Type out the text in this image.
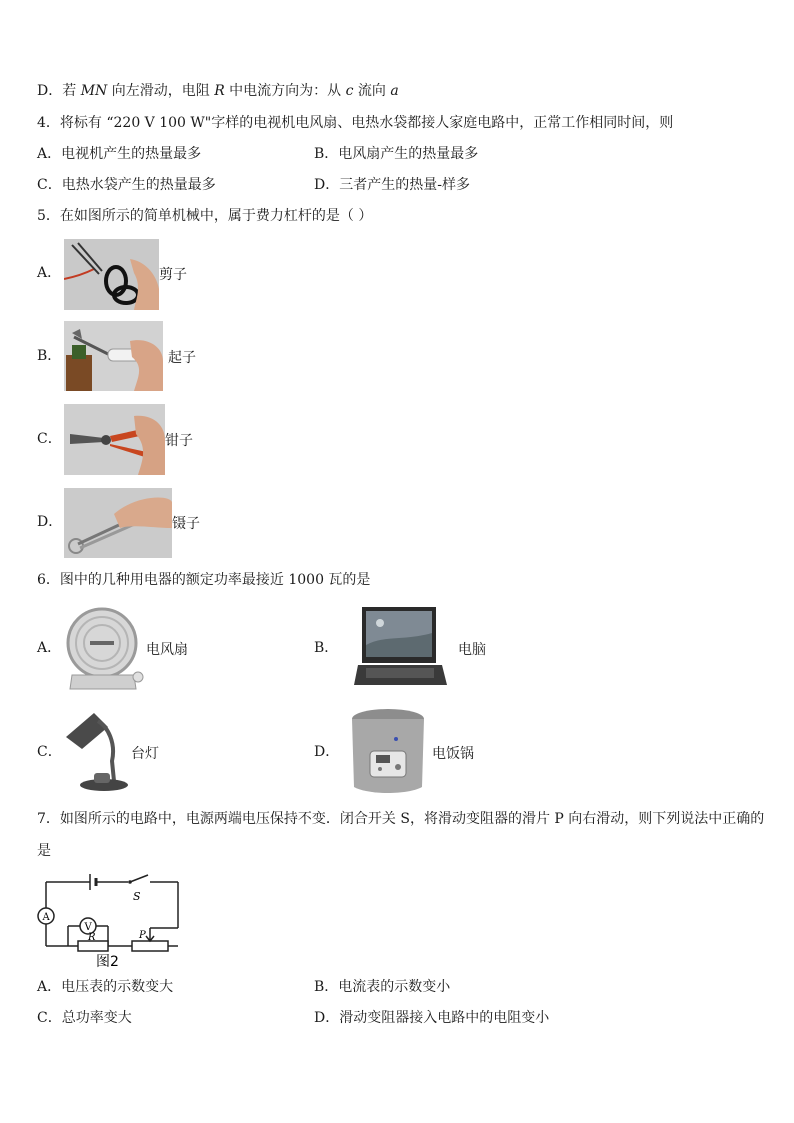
D．若 MN 向左滑动，电阻 R 中电流方向为：从 c 流向 a
4．将标有 “220 V 100 W"字样的电视机电风扇、电热水袋都接人家庭电路中，正常工作相同时间，则
A．电视机产生的热量最多	B．电风扇产生的热量最多
C．电热水袋产生的热量最多	D．三者产生的热量-样多
5．在如图所示的简单机械中，属于费力杠杆的是（ ）
A．	剪子
B．	起子
C．	钳子
D．	镊子
6．图中的几种用电器的额定功率最接近 1000 瓦的是
A．	电风扇	B．	电脑
C．	台灯	D．	电饭锅
7．如图所示的电路中，电源两端电压保持不变．闭合开关 S，将滑动变阻器的滑片 P 向右滑动，则下列说法中正确的
是
S
A
V
R	P
图2
A．电压表的示数变大	B．电流表的示数变小
C．总功率变大	D．滑动变阻器接入电路中的电阻变小
